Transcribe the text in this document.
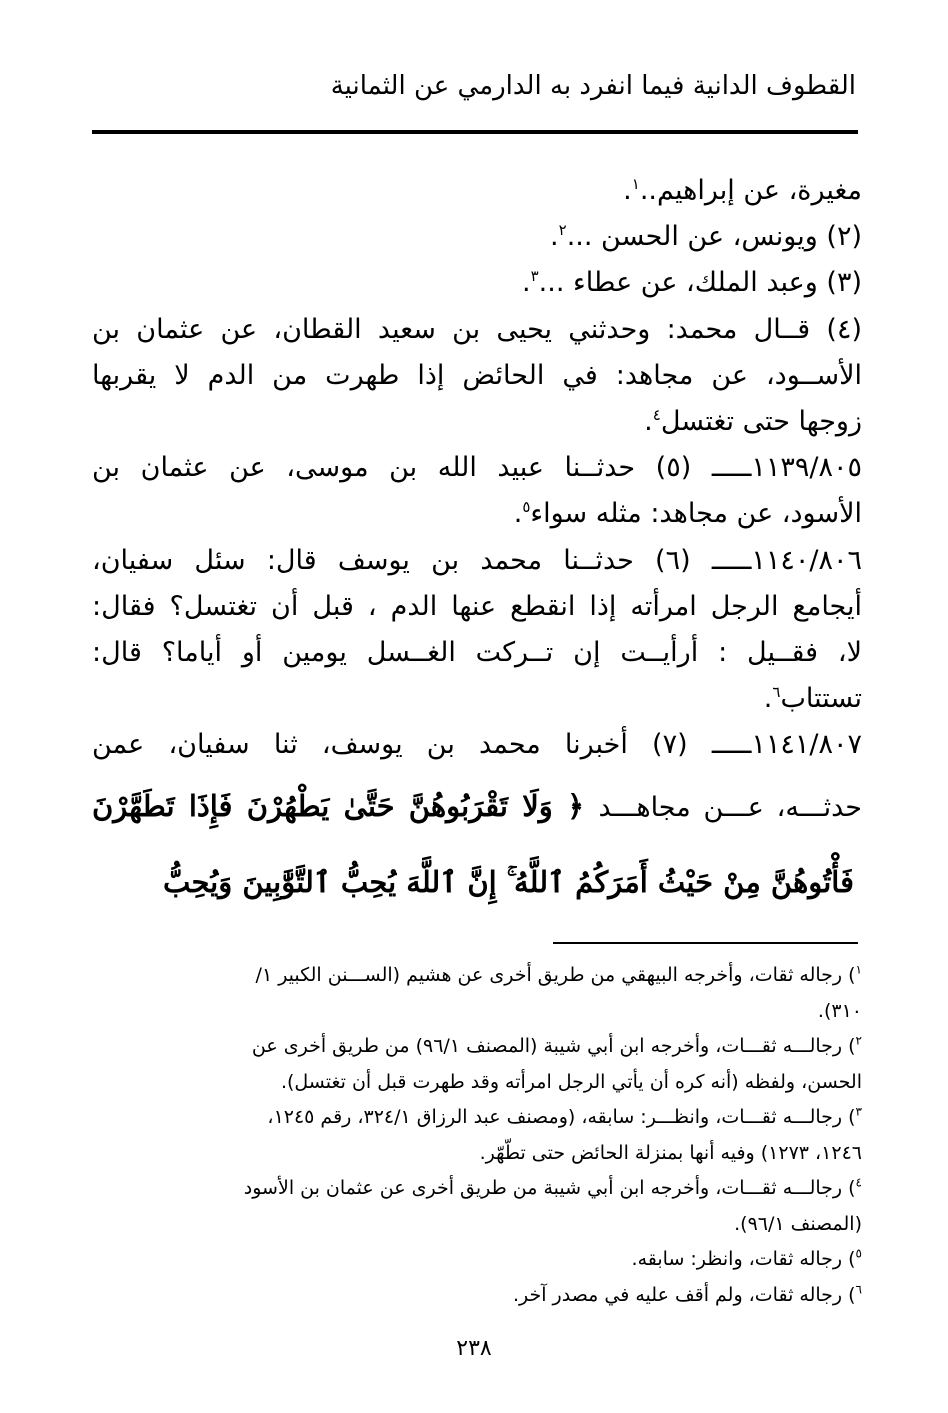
القطوف الدانية فيما انفرد به الدارمي عن الثمانية
مغيرة، عن إبراهيم..$^١$.
(٢) ويونس، عن الحسن ...$^٢$.
(٣) وعبد الملك، عن عطاء ...$^٣$.
(٤) قــال محمد: وحدثني يحيى بن سعيد القطان، عن عثمان بن
الأســود، عن مجاهد: في الحائض إذا طهرت من الدم لا يقربها
زوجها حتى تغتسل$^٤$.
١١٣٩/٨٠٥ـــــ (٥) حدثــنا عبيد الله بن موسى، عن عثمان بن
الأسود، عن مجاهد: مثله سواء$^٥$.
١١٤٠/٨٠٦ـــــ (٦) حدثــنا محمد بن يوسف قال: سئل سفيان،
أيجامع الرجل امرأته إذا انقطع عنها الدم ، قبل أن تغتسل؟ فقال:
لا، فقــيل : أرأيــت إن تــركت الغــسل يومين أو أياما؟ قال:
تستتاب$^٦$.
١١٤١/٨٠٧ـــــ (٧) أخبرنا محمد بن يوسف، ثنا سفيان، عمن
حدثـــه، عـــن مجاهـــد ﴿ وَلَا تَقْرَبُوهُنَّ حَتَّىٰ يَطْهُرْنَ فَإِذَا تَطَهَّرْنَ
فَأْتُوهُنَّ مِنْ حَيْثُ أَمَرَكُمُ ٱللَّهُ ۚ إِنَّ ٱللَّهَ يُحِبُّ ٱلتَّوَّٰبِينَ وَيُحِبُّ
$^١$) رجاله ثقات، وأخرجه البيهقي من طريق أخرى عن هشيم (الســـنن الكبير ١/
٣١٠).
$^٢$) رجالـــه ثقـــات، وأخرجه ابن أبي شيبة (المصنف ٩٦/١) من طريق أخرى عن
الحسن، ولفظه (أنه كره أن يأتي الرجل امرأته وقد طهرت قبل أن تغتسل).
$^٣$) رجالـــه ثقـــات، وانظـــر: سابقه، (ومصنف عبد الرزاق ٣٢٤/١، رقم ١٢٤٥،
١٢٤٦، ١٢٧٣) وفيه أنها بمنزلة الحائض حتى تطّهّر.
$^٤$) رجالـــه ثقـــات، وأخرجه ابن أبي شيبة من طريق أخرى عن عثمان بن الأسود
(المصنف ٩٦/١).
$^٥$) رجاله ثقات، وانظر: سابقه.
$^٦$) رجاله ثقات، ولم أقف عليه في مصدر آخر.
٢٣٨
